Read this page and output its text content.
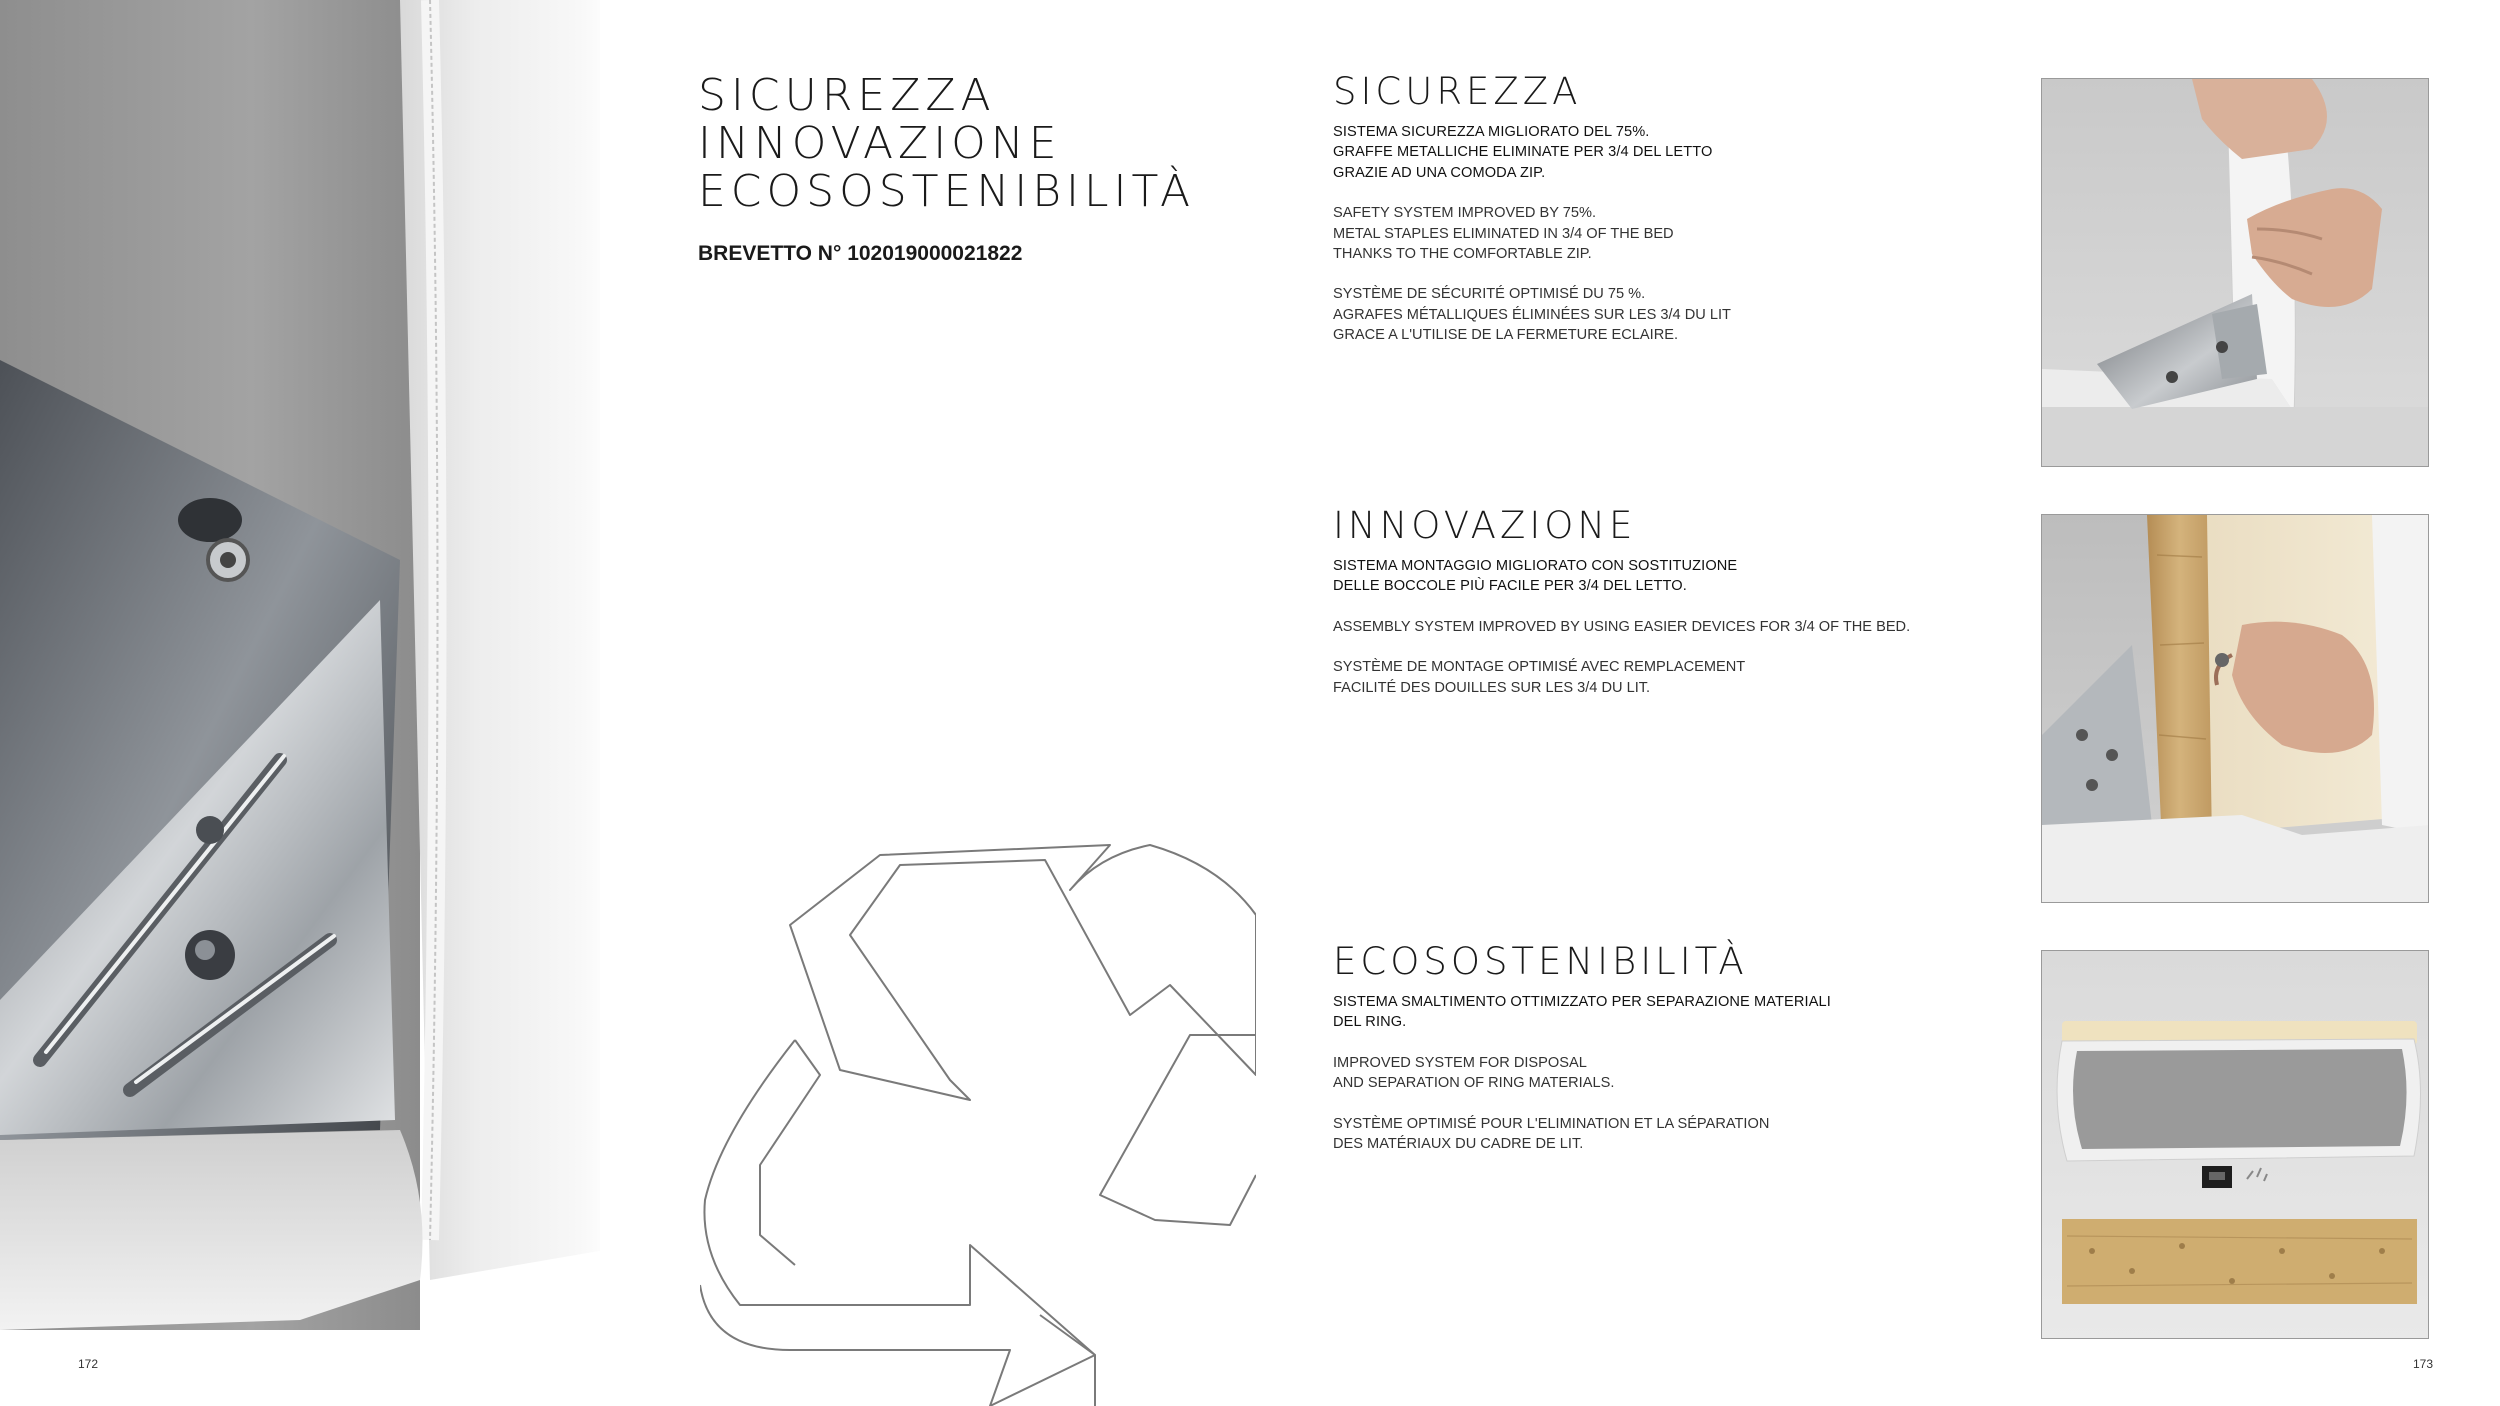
SICUREZZA
INNOVAZIONE
ECOSOSTENIBILITÀ
BREVETTO N° 102019000021822
172
SICUREZZA
SISTEMA SICUREZZA MIGLIORATO DEL 75%.
GRAFFE METALLICHE ELIMINATE PER 3/4 DEL LETTO
GRAZIE AD UNA COMODA ZIP.
SAFETY SYSTEM IMPROVED BY 75%.
METAL STAPLES ELIMINATED IN 3/4 OF THE BED
THANKS TO THE COMFORTABLE ZIP.
SYSTÈME DE SÉCURITÉ OPTIMISÉ DU 75 %.
AGRAFES MÉTALLIQUES ÉLIMINÉES SUR LES 3/4 DU LIT
GRACE A L'UTILISE DE LA FERMETURE ECLAIRE.
INNOVAZIONE
SISTEMA MONTAGGIO MIGLIORATO CON SOSTITUZIONE
DELLE BOCCOLE PIÙ FACILE PER 3/4 DEL LETTO.
ASSEMBLY SYSTEM IMPROVED BY USING EASIER DEVICES FOR 3/4 OF THE BED.
SYSTÈME DE MONTAGE OPTIMISÉ AVEC REMPLACEMENT
FACILITÉ DES DOUILLES SUR LES 3/4 DU LIT.
ECOSOSTENIBILITÀ
SISTEMA SMALTIMENTO OTTIMIZZATO PER SEPARAZIONE MATERIALI
DEL RING.
IMPROVED SYSTEM FOR DISPOSAL
AND SEPARATION OF RING MATERIALS.
SYSTÈME OPTIMISÉ POUR L'ELIMINATION ET LA SÉPARATION
DES MATÉRIAUX DU CADRE DE LIT.
173
